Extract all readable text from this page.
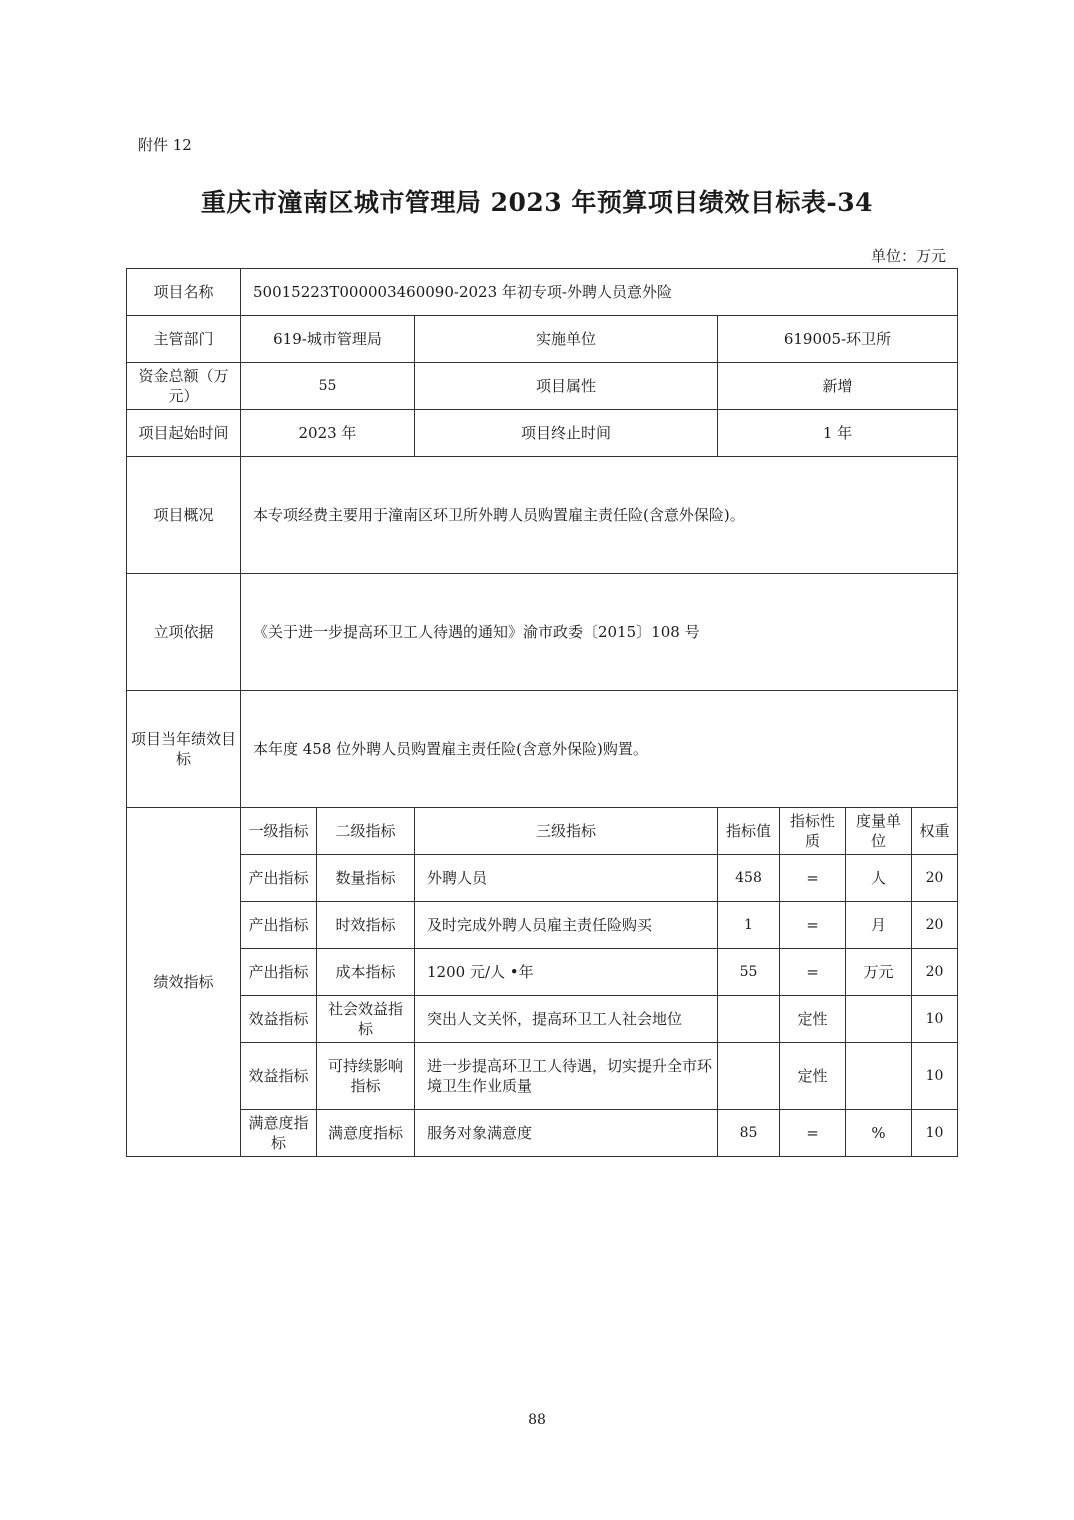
附件 12
重庆市潼南区城市管理局 2023 年预算项目绩效目标表-34
单位：万元
项目名称	50015223T000003460090-2023 年初专项-外聘人员意外险						
主管部门	619-城市管理局		实施单位	619005-环卫所			
资金总额（万元）	55		项目属性	新增			
项目起始时间	2023 年		项目终止时间	1 年			
项目概况	本专项经费主要用于潼南区环卫所外聘人员购置雇主责任险(含意外保险)。						
立项依据	《关于进一步提高环卫工人待遇的通知》渝市政委〔2015〕108 号						
项目当年绩效目标	本年度 458 位外聘人员购置雇主责任险(含意外保险)购置。						
绩效指标	一级指标	二级指标	三级指标	指标值	指标性质	度量单位	权重
	产出指标	数量指标	外聘人员	458	=	人	20
	产出指标	时效指标	及时完成外聘人员雇主责任险购买	1	=	月	20
	产出指标	成本指标	1200 元/人 •年	55	=	万元	20
	效益指标	社会效益指标	突出人文关怀，提高环卫工人社会地位		定性		10
	效益指标	可持续影响指标	进一步提高环卫工人待遇，切实提升全市环境卫生作业质量		定性		10
	满意度指标	满意度指标	服务对象满意度	85	=	%	10
88
